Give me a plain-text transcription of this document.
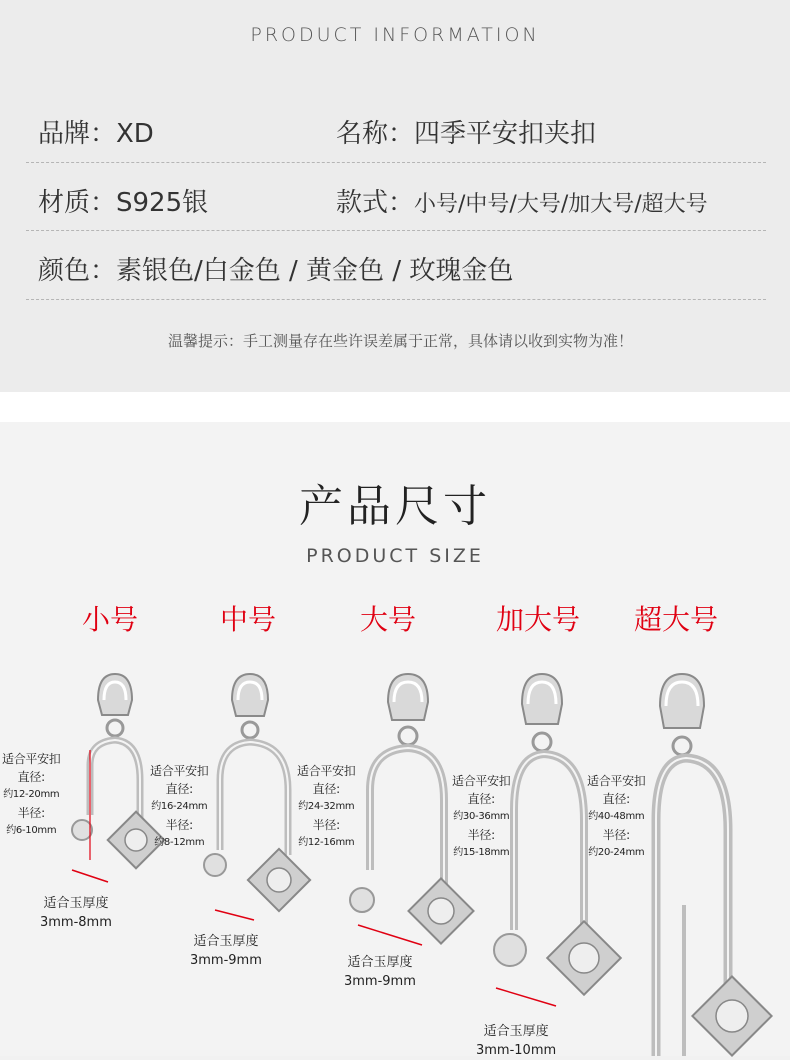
PRODUCT INFORMATION
品牌：XD	名称：四季平安扣夹扣
材质：S925银	款式：小号/中号/大号/加大号/超大号
颜色：素银色/白金色 / 黄金色 / 玫瑰金色
温馨提示：手工测量存在些许误差属于正常，具体请以收到实物为准！
产品尺寸
PRODUCT SIZE
小号	中号	大号	加大号	超大号
适合平安扣
直径:
约12-20mm
半径:
约6-10mm
适合玉厚度
3mm-8mm
适合平安扣
直径:
约16-24mm
半径:
约8-12mm
适合玉厚度
3mm-9mm
适合平安扣
直径:
约24-32mm
半径:
约12-16mm
适合玉厚度
3mm-9mm
适合平安扣
直径:
约30-36mm
半径:
约15-18mm
适合玉厚度
3mm-10mm
适合平安扣
直径:
约40-48mm
半径:
约20-24mm
